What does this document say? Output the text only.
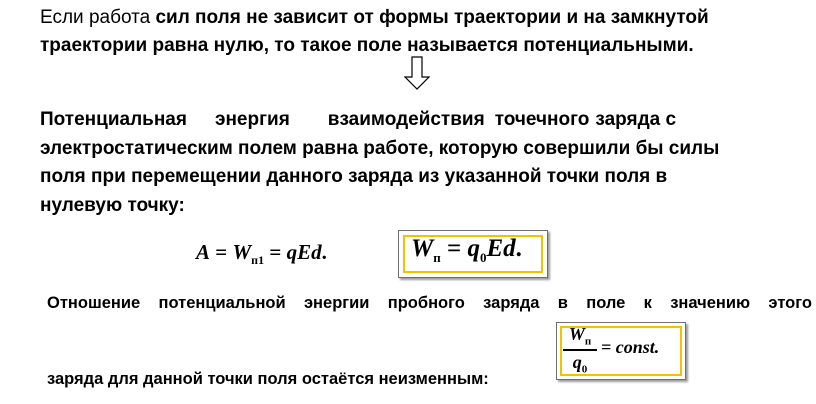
Если работа сил поля не зависит от формы траектории и на замкнутой траектории равна нулю, то такое поле называется потенциальными.
Потенциальная энергия взаимодействия точечного заряда с
электростатическим полем равна работе, которую совершили бы силы
поля при перемещении данного заряда из указанной точки поля в
нулевую точку:
$A = W_{п1}$ = qEd.	$W_п = q_0Ed$.
Отношение потенциальной энергии пробного заряда в поле к значению этого
заряда для данной точки поля остаётся неизменным:
$W_п$
$q_0$
= const.
